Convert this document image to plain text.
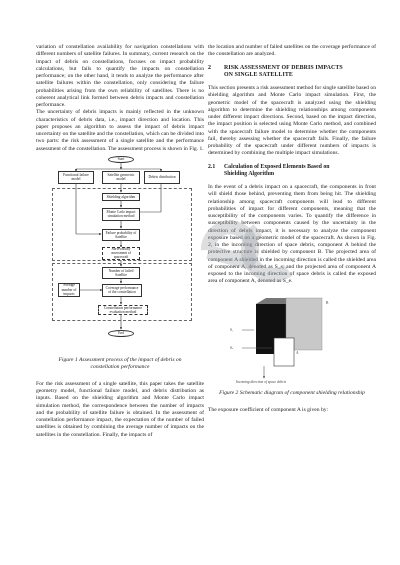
variation of constellation availability for navigation constellations with different numbers of satellite failures. In summary, current research on the impact of debris on constellations, focuses on impact probability calculations, but fails to quantify the impacts on constellation performance; on the other hand, it tends to analyze the performance after satellite failures within the constellation, only considering the failure probabilities arising from the own reliability of satellites. There is no coherent analytical link formed between debris impacts and constellation performance.

The uncertainty of debris impacts is mainly reflected in the unknown characteristics of debris data, i.e., impact direction and location. This paper proposes an algorithm to assess the impact of debris impact uncertainty on the satellite and the constellation, which can be divided into two parts: the risk assessment of a single satellite and the performance assessment of the constellation. The assessment process is shown in Fig. 1.

Start
Functional failure model
Satellite geometric model
Debris distribution
Shielding algorithm
Monte Carlo impact simulation method
Failure probability of Satellite
Survivability assessment of spacecraft
Number of failed Satellite
Average number of impacts
Coverage performance of the constellation
Constellation performance evaluation method
End

Figure 1 Assessment process of the impact of debris on constellation performance

For the risk assessment of a single satellite, this paper takes the satellite geometry model, functional failure model, and debris distribution as inputs. Based on the shielding algorithm and Monte Carlo impact simulation method, the correspondence between the number of impacts and the probability of satellite failure is obtained. In the assessment of constellation performance impact, the expectation of the number of failed satellites is obtained by combining the average number of impacts on the satellites in the constellation. Finally, the impacts of

the location and number of failed satellites on the coverage performance of the constellation are analyzed.

2 RISK ASSESSMENT OF DEBRIS IMPACTS
ON SINGLE SATELLITE

This section presents a risk assessment method for single satellite based on shielding algorithm and Monte Carlo impact simulation. First, the geometric model of the spacecraft is analyzed using the shielding algorithm to determine the shielding relationships among components under different impact directions. Second, based on the impact direction, the impact position is selected using Monte Carlo method, and combined with the spacecraft failure model to determine whether the components fail, thereby assessing whether the spacecraft fails. Finally, the failure probability of the spacecraft under different numbers of impacts is determined by combining the multiple impact simulations.

2.1 Calculation of Exposed Elements Based on
Shielding Algorithm

In the event of a debris impact on a spacecraft, the components in front will shield those behind, preventing them from being hit. The shielding relationship among spacecraft components will lead to different probabilities of impact for different components, meaning that the susceptibility of the components varies. To quantify the difference in susceptibility between components caused by the uncertainty in the direction of debris impact, it is necessary to analyze the component exposure based on a geometric model of the spacecraft. As shown in Fig. 2, in the incoming direction of space debris, component A behind the protective structure is shielded by component B. The projected area of component A shielded in the incoming direction is called the shielded area of component A, denoted as S_s, and the projected area of component A exposed to the incoming direction of space debris is called the exposed area of component A, denoted as S_e.

B
A
Sₑ
Sₛ
Incoming direction of space debris

Figure 2 Schematic diagram of component shielding relationship

The exposure coefficient of component A is given by:
